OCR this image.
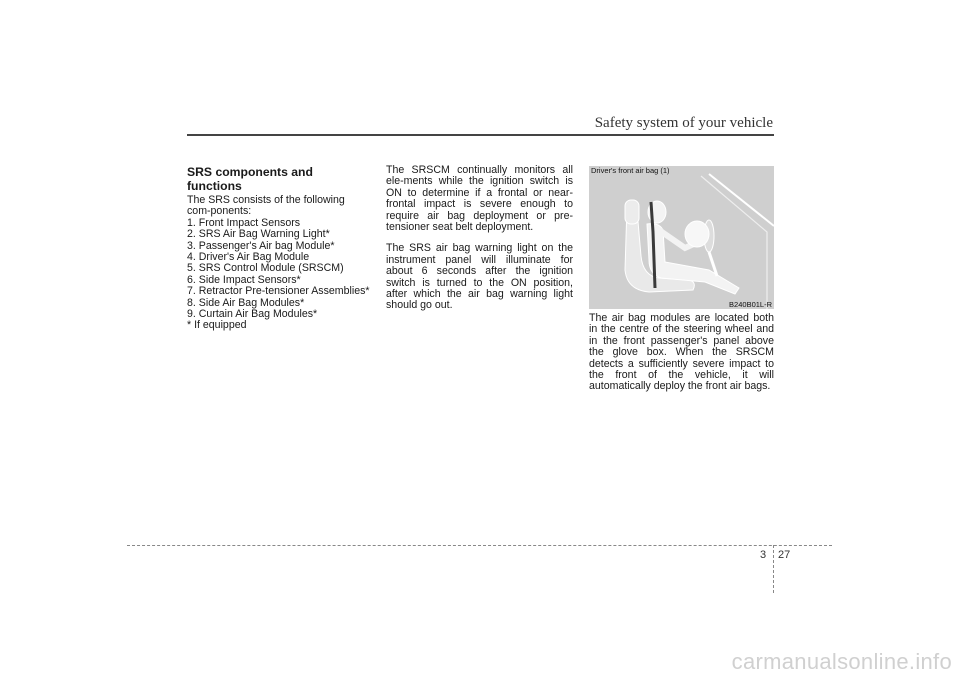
Safety system of your vehicle
SRS components and functions

The SRS consists of the following com-ponents:

1. Front Impact Sensors
2. SRS Air Bag Warning Light*
3. Passenger's Air bag Module*
4. Driver's Air Bag Module
5. SRS Control Module (SRSCM)
6. Side Impact Sensors*
7. Retractor Pre-tensioner Assemblies*
8. Side Air Bag Modules*
9. Curtain Air Bag Modules*
* If equipped

The SRSCM continually monitors all ele-ments while the ignition switch is ON to determine if a frontal or near-frontal impact is severe enough to require air bag deployment or pre-tensioner seat belt deployment.

The SRS air bag warning light on the instrument panel will illuminate for about 6 seconds after the ignition switch is turned to the ON position, after which the air bag warning light should go out.

Driver's front air bag (1)
B240B01L-R

The air bag modules are located both in the centre of the steering wheel and in the front passenger's panel above the glove box. When the SRSCM detects a sufficiently severe impact to the front of the vehicle, it will automatically deploy the front air bags.

3 27
carmanualsonline.info
